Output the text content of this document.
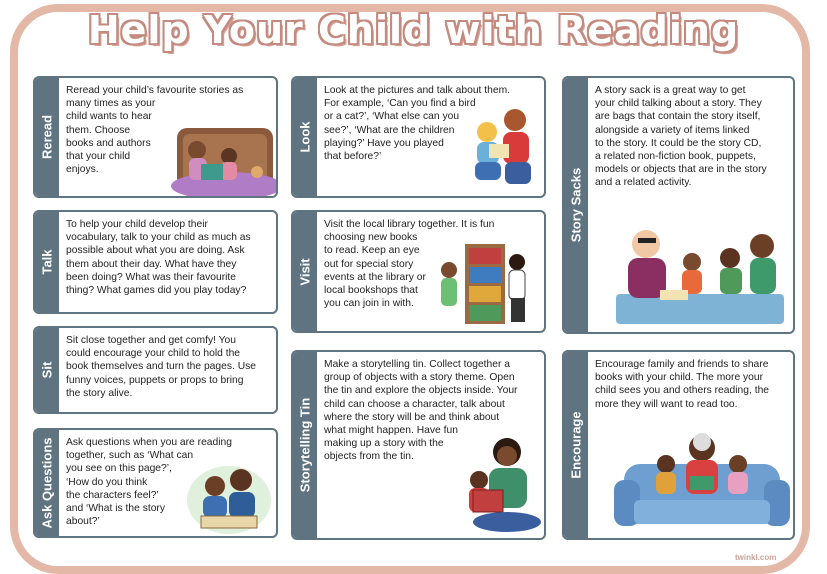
Help Your Child with Reading
Reread
Reread your child’s favourite stories as
many times as your
child wants to hear
them. Choose
books and authors
that your child
enjoys.
Talk
To help your child develop their
vocabulary, talk to your child as much as
possible about what you are doing. Ask
them about their day. What have they
been doing? What was their favourite
thing? What games did you play today?
Sit
Sit close together and get comfy! You
could encourage your child to hold the
book themselves and turn the pages. Use
funny voices, puppets or props to bring
the story alive.
Ask Questions Ask questions when you are reading
together, such as ‘What can
you see on this page?’,
‘How do you think
the characters feel?’
and ‘What is the story
about?’
Look
Look at the pictures and talk about them.
For example, ‘Can you find a bird
or a cat?’, ‘What else can you
see?’, ‘What are the children
playing?’ Have you played
that before?’
Visit
Visit the local library together. It is fun
choosing new books
to read. Keep an eye
out for special story
events at the library or
local bookshops that
you can join in with.
Storytelling Tin
Make a storytelling tin. Collect together a
group of objects with a story theme. Open
the tin and explore the objects inside. Your
child can choose a character, talk about
where the story will be and think about
what might happen. Have fun
making up a story with the
objects from the tin.
Story Sacks
A story sack is a great way to get
your child talking about a story. They
are bags that contain the story itself,
alongside a variety of items linked
to the story. It could be the story CD,
a related non-fiction book, puppets,
models or objects that are in the story
and a related activity.
Encourage
Encourage family and friends to share
books with your child. The more your
child sees you and others reading, the
more they will want to read too.
twinkl.com
